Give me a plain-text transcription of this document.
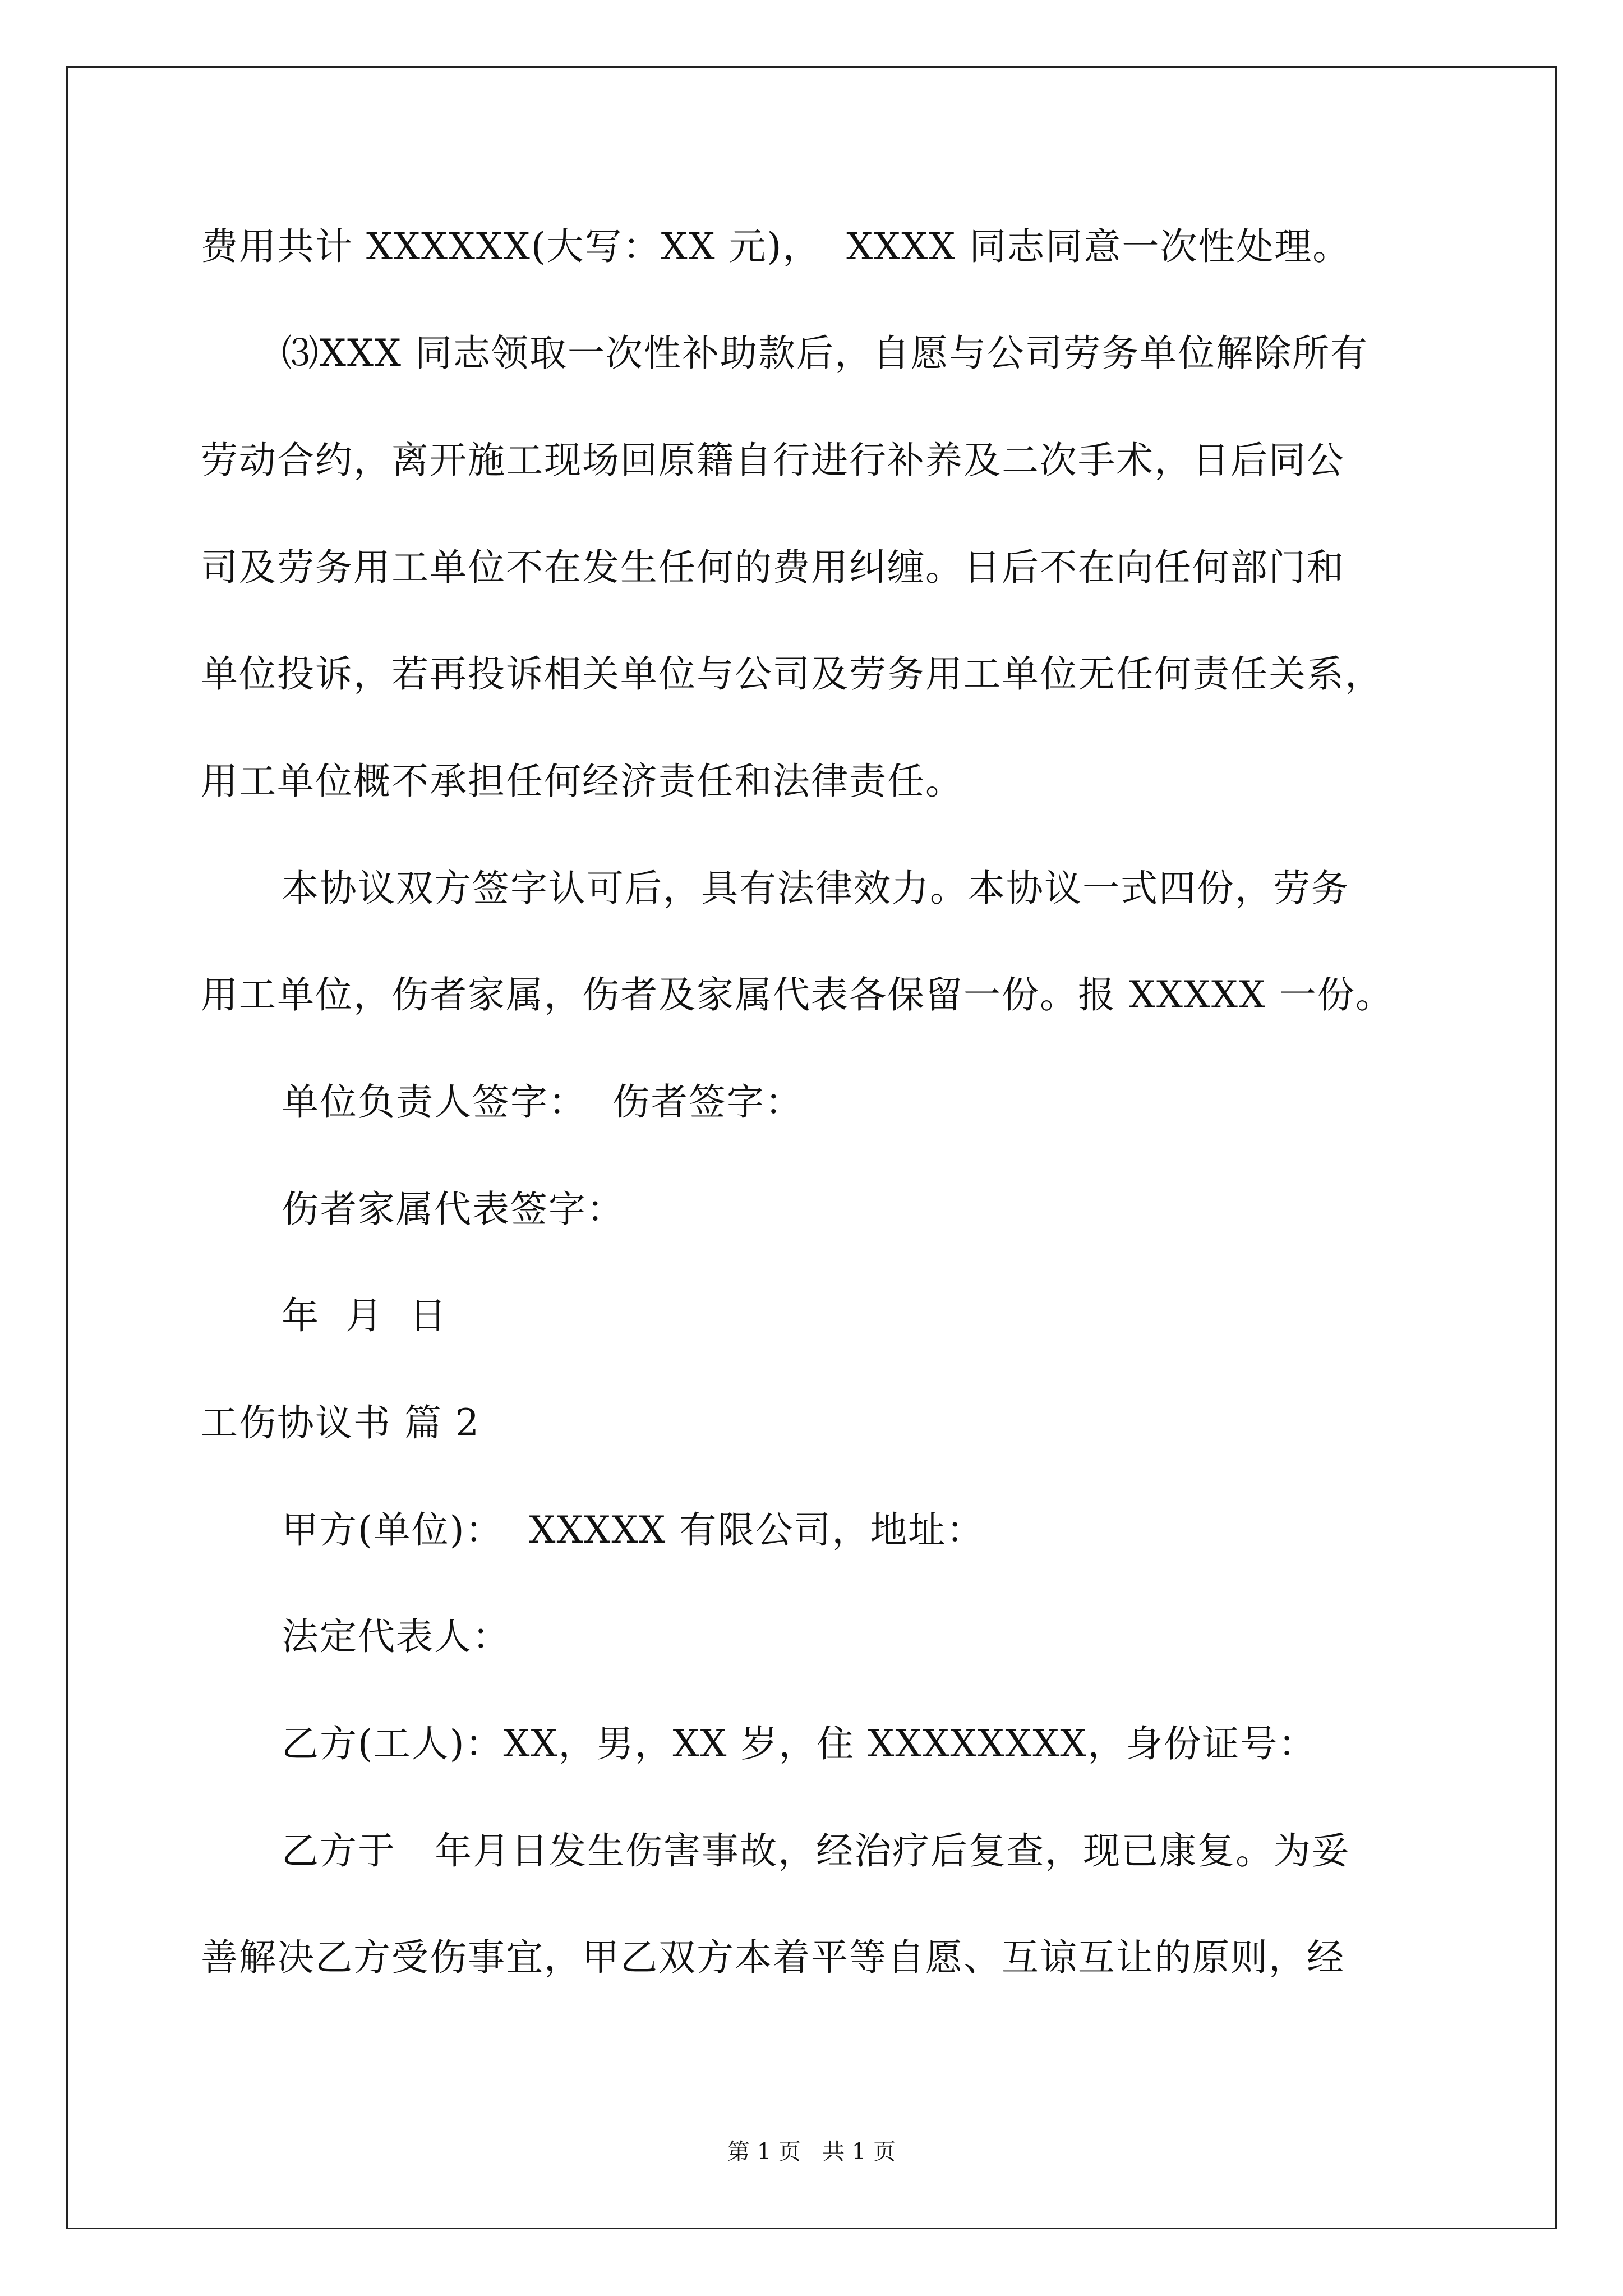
费用共计 XXXXXX(大写：XX 元)，  XXXX 同志同意一次性处理。
⑶XXX 同志领取一次性补助款后，自愿与公司劳务单位解除所有
劳动合约，离开施工现场回原籍自行进行补养及二次手术，日后同公
司及劳务用工单位不在发生任何的费用纠缠。日后不在向任何部门和
单位投诉，若再投诉相关单位与公司及劳务用工单位无任何责任关系，
用工单位概不承担任何经济责任和法律责任。
本协议双方签字认可后，具有法律效力。本协议一式四份，劳务
用工单位，伤者家属，伤者及家属代表各保留一份。报 XXXXX 一份。
单位负责人签字：  伤者签字：
伤者家属代表签字：
年  月  日
工伤协议书 篇 2
甲方(单位)：  XXXXX 有限公司，地址：
法定代表人：
乙方(工人)：XX，男，XX 岁，住 XXXXXXXX，身份证号：
乙方于   年月日发生伤害事故，经治疗后复查，现已康复。为妥
善解决乙方受伤事宜，甲乙双方本着平等自愿、互谅互让的原则，经
第 1 页   共 1 页
